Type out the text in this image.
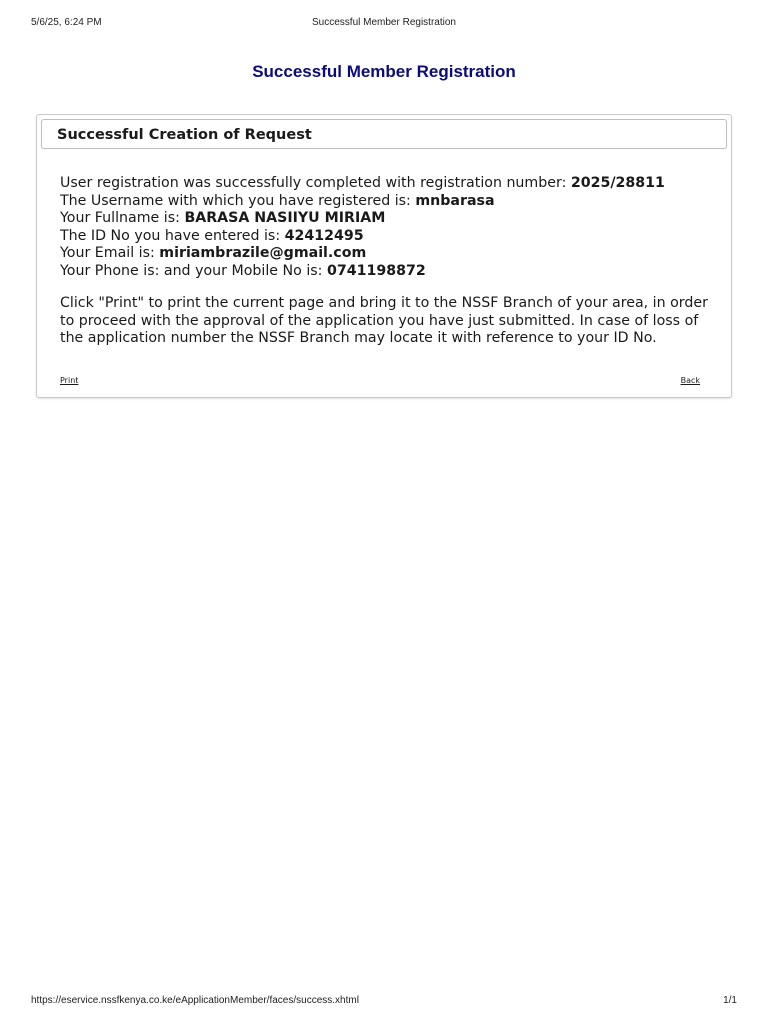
5/6/25, 6:24 PM	Successful Member Registration
Successful Member Registration
Successful Creation of Request
User registration was successfully completed with registration number: 2025/28811
The Username with which you have registered is: mnbarasa
Your Fullname is: BARASA NASIIYU MIRIAM
The ID No you have entered is: 42412495
Your Email is: miriambrazile@gmail.com
Your Phone is: and your Mobile No is: 0741198872
Click "Print" to print the current page and bring it to the NSSF Branch of your area, in order to proceed with the approval of the application you have just submitted. In case of loss of the application number the NSSF Branch may locate it with reference to your ID No.
Print	Back
https://eservice.nssfkenya.co.ke/eApplicationMember/faces/success.xhtml	1/1
